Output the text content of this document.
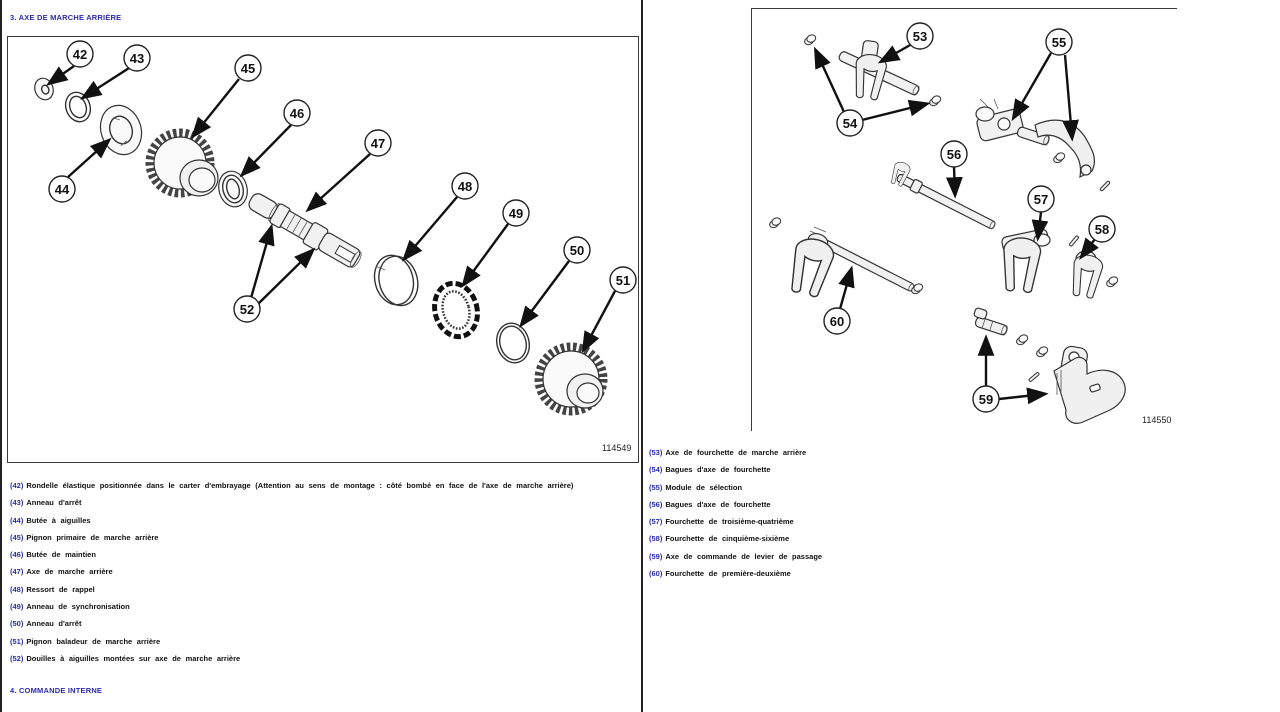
3. AXE DE MARCHE ARRIÈRE
42	43
44
45
46
47
48
49
50
51
52
114549
(42) Rondelle élastique positionnée dans le carter d'embrayage (Attention au sens de montage : côté bombé en face de l'axe de marche arrière)
(43) Anneau d'arrêt
(44) Butée à aiguilles
(45) Pignon primaire de marche arrière
(46) Butée de maintien
(47) Axe de marche arrière
(48) Ressort de rappel
(49) Anneau de synchronisation
(50) Anneau d'arrêt
(51) Pignon baladeur de marche arrière
(52) Douilles à aiguilles montées sur axe de marche arrière
4. COMMANDE INTERNE
53
54
55
56
57
58
59
60
114550
(53) Axe de fourchette de marche arrière
(54) Bagues d'axe de fourchette
(55) Module de sélection
(56) Bagues d'axe de fourchette
(57) Fourchette de troisième-quatrième
(58) Fourchette de cinquième-sixième
(59) Axe de commande de levier de passage
(60) Fourchette de première-deuxième
